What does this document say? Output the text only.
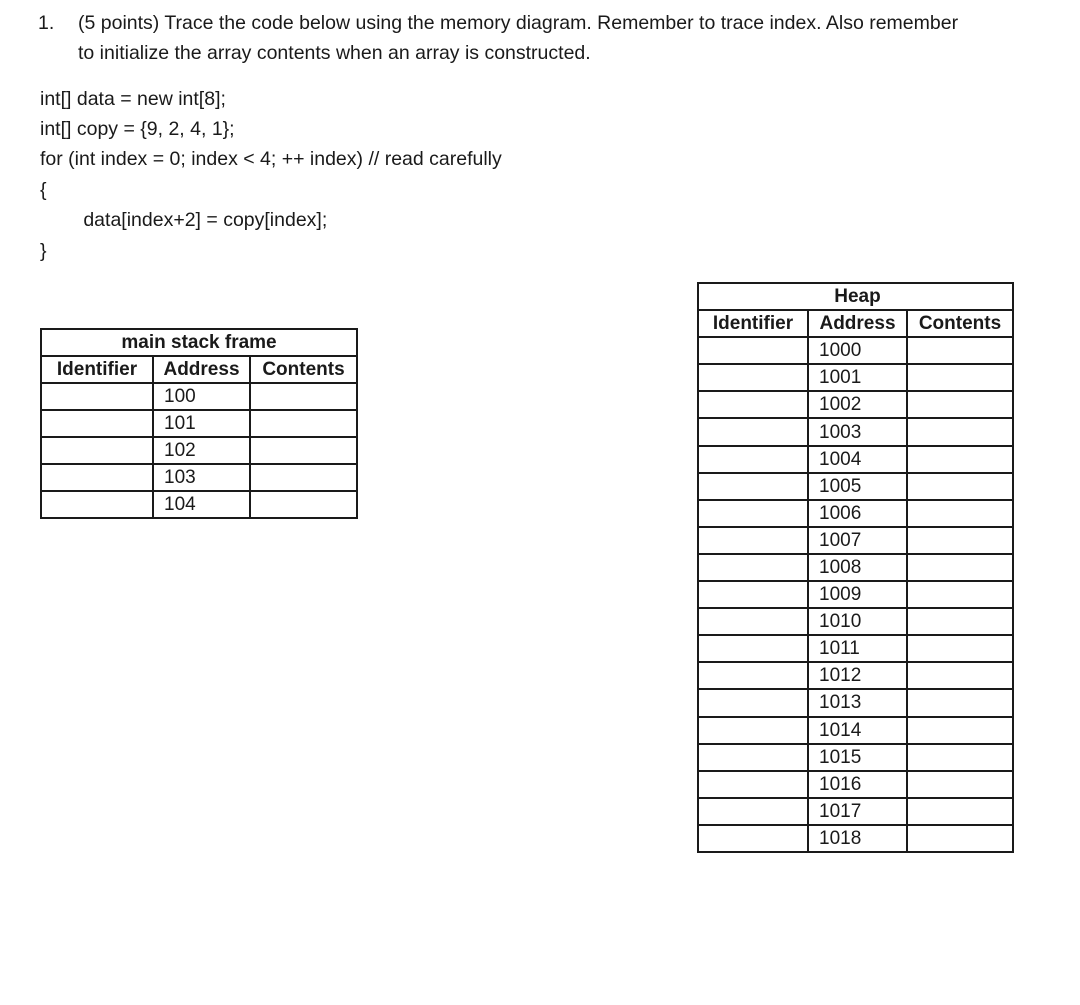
1. (5 points) Trace the code below using the memory diagram. Remember to trace index. Also remember to initialize the array contents when an array is constructed.
int[] data = new int[8];
int[] copy = {9, 2, 4, 1};
for (int index = 0; index < 4; ++ index) // read carefully
{
data[index+2] = copy[index];
}
main stack frame		
Identifier	Address	Contents
	100	
	101	
	102	
	103	
	104	
	Heap	
Identifier	Address	Contents
	1000	
	1001	
	1002	
	1003	
	1004	
	1005	
	1006	
	1007	
	1008	
	1009	
	1010	
	1011	
	1012	
	1013	
	1014	
	1015	
	1016	
	1017	
	1018	
